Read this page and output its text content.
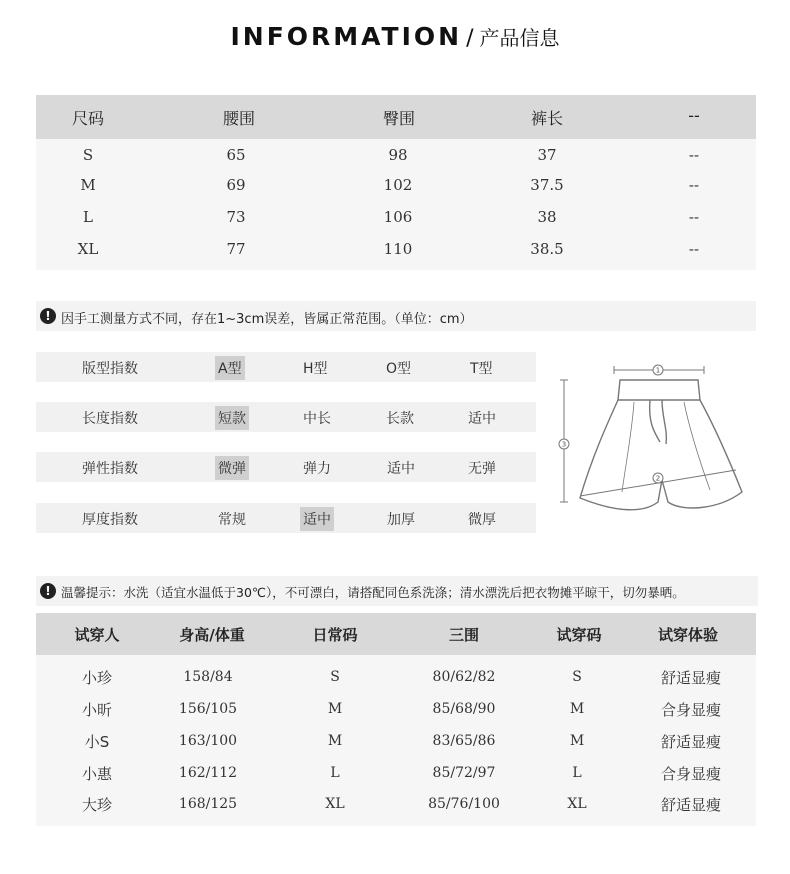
INFORMATION / 产品信息
尺码	腰围	臀围	裤长	--
S	65	98	37	--
M	69	102	37.5	--
L	73	106	38	--
XL	77	110	38.5	--
! 因手工测量方式不同，存在1~3cm误差，皆属正常范围。（单位：cm）
版型指数	A型	H型	O型	T型
长度指数	短款	中长	长款	适中
弹性指数	微弹	弹力	适中	无弹
厚度指数	常规	适中	加厚	微厚
1
2
3
! 温馨提示：水洗（适宜水温低于30℃），不可漂白，请搭配同色系洗涤；清水漂洗后把衣物摊平晾干，切勿暴晒。
试穿人	身高/体重	日常码	三围	试穿码	试穿体验
小珍	158/84	S	80/62/82	S	舒适显瘦
小昕	156/105	M	85/68/90	M	合身显瘦
小S	163/100	M	83/65/86	M	舒适显瘦
小惠	162/112	L	85/72/97	L	合身显瘦
大珍	168/125	XL	85/76/100	XL	舒适显瘦
